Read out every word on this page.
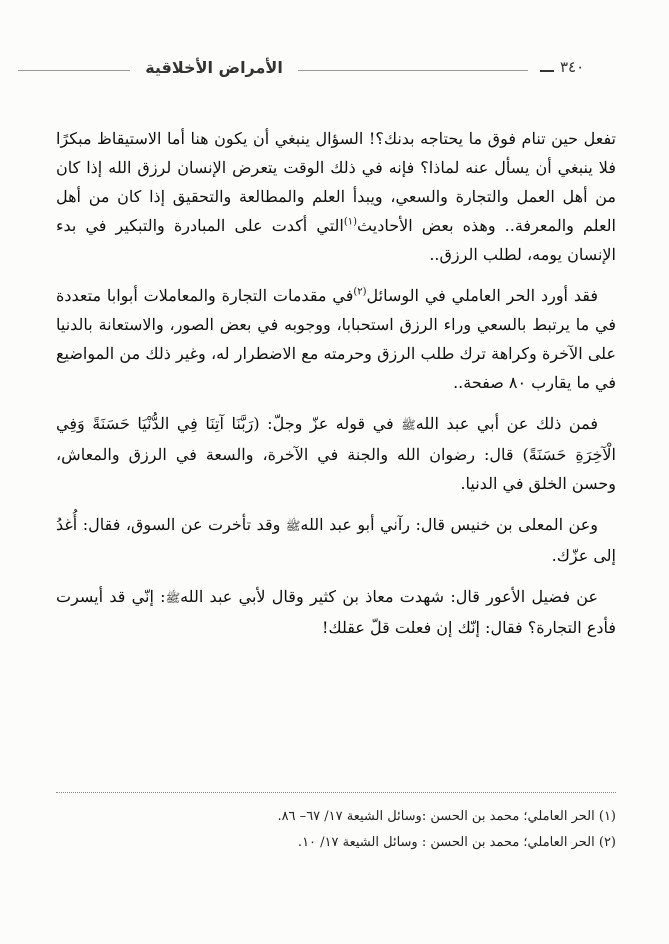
الأمراض الأخلاقية	٣٤٠

تفعل حين تنام فوق ما يحتاجه بدنك؟! السؤال ينبغي أن يكون هنا أما الاستيقاظ مبكرًا فلا ينبغي أن يسأل عنه لماذا؟ فإنه في ذلك الوقت يتعرض الإنسان لرزق الله إذا كان من أهل العمل والتجارة والسعي، ويبدأ العلم والمطالعة والتحقيق إذا كان من أهل العلم والمعرفة.. وهذه بعض الأحاديث$^{(١)}$التي أكدت على المبادرة والتبكير في بدء الإنسان يومه، لطلب الرزق..

فقد أورد الحر العاملي في الوسائل$^{(٢)}$في مقدمات التجارة والمعاملات أبوابا متعددة في ما يرتبط بالسعي وراء الرزق استحبابا، ووجوبه في بعض الصور، والاستعانة بالدنيا على الآخرة وكراهة ترك طلب الرزق وحرمته مع الاضطرار له، وغير ذلك من المواضيع في ما يقارب ٨٠ صفحة..

فمن ذلك عن أبي عبد اللهﷺ في قوله عزّ وجلّ: (رَبَّنَا آتِنَا فِي الدُّنْيَا حَسَنَةً وَفِي الْآخِرَةِ حَسَنَةً) قال: رضوان الله والجنة في الآخرة، والسعة في الرزق والمعاش، وحسن الخلق في الدنيا.

وعن المعلى بن خنيس قال: رآني أبو عبد اللهﷺ وقد تأخرت عن السوق، فقال: أُغدُ إلى عزّك.

عن فضيل الأعور قال: شهدت معاذ بن كثير وقال لأبي عبد اللهﷺ: إنّي قد أيسرت فأدع التجارة؟ فقال: إنّك إن فعلت قلّ عقلك!

(١) الحر العاملي؛ محمد بن الحسن :وسائل الشيعة ١٧/ ٦٧– ٨٦.
(٢) الحر العاملي؛ محمد بن الحسن : وسائل الشيعة ١٧/ ١٠.
